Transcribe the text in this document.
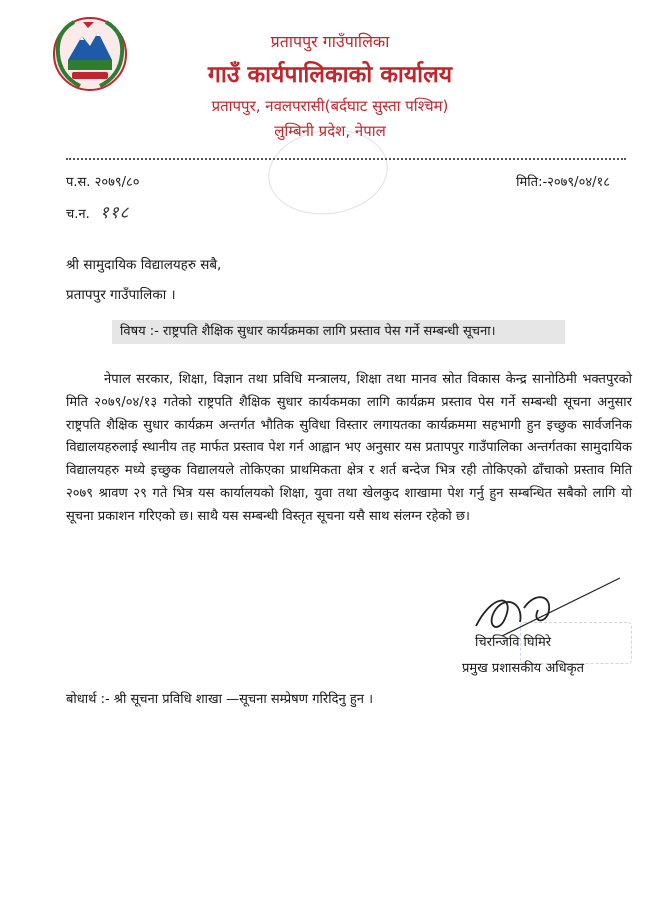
प्रतापपुर गाउँपालिका
गाउँ कार्यपालिकाको कार्यालय
प्रतापपुर, नवलपरासी(बर्दघाट सुस्ता पश्चिम)
लुम्बिनी प्रदेश, नेपाल
प.स. २०७९/८०	मिति:-२०७९/०४/१८
च.न. ११८
श्री सामुदायिक विद्यालयहरु सबै,
प्रतापपुर गाउँपालिका ।
विषय :- राष्ट्रपति शैक्षिक सुधार कार्यक्रमका लागि प्रस्ताव पेस गर्ने सम्बन्धी सूचना।

नेपाल सरकार, शिक्षा, विज्ञान तथा प्रविधि मन्त्रालय, शिक्षा तथा मानव स्रोत विकास केन्द्र सानोठिमी भक्तपुरको मिति २०७९/०४/१३ गतेको राष्ट्रपति शैक्षिक सुधार कार्यकमका लागि कार्यक्रम प्रस्ताव पेस गर्ने सम्बन्धी सूचना अनुसार राष्ट्रपति शैक्षिक सुधार कार्यक्रम अन्तर्गत भौतिक सुविधा विस्तार लगायतका कार्यक्रममा सहभागी हुन इच्छुक सार्वजनिक विद्यालयहरुलाई स्थानीय तह मार्फत प्रस्ताव पेश गर्न आह्वान भए अनुसार यस प्रतापपुर गाउँपालिका अन्तर्गतका सामुदायिक विद्यालयहरु मध्ये इच्छुक विद्यालयले तोकिएका प्राथमिकता क्षेत्र र शर्त बन्देज भित्र रही तोकिएको ढाँचाको प्रस्ताव मिति २०७९ श्रावण २९ गते भित्र यस कार्यालयको शिक्षा, युवा तथा खेलकुद शाखामा पेश गर्नु हुन सम्बन्धित सबैको लागि यो सूचना प्रकाशन गरिएको छ। साथै यस सम्बन्धी विस्तृत सूचना यसै साथ संलग्न रहेको छ।

चिरन्जिवि घिमिरे
प्रमुख प्रशासकीय अधिकृत
बोधार्थ :- श्री सूचना प्रविधि शाखा —सूचना सम्प्रेषण गरिदिनु हुन ।
